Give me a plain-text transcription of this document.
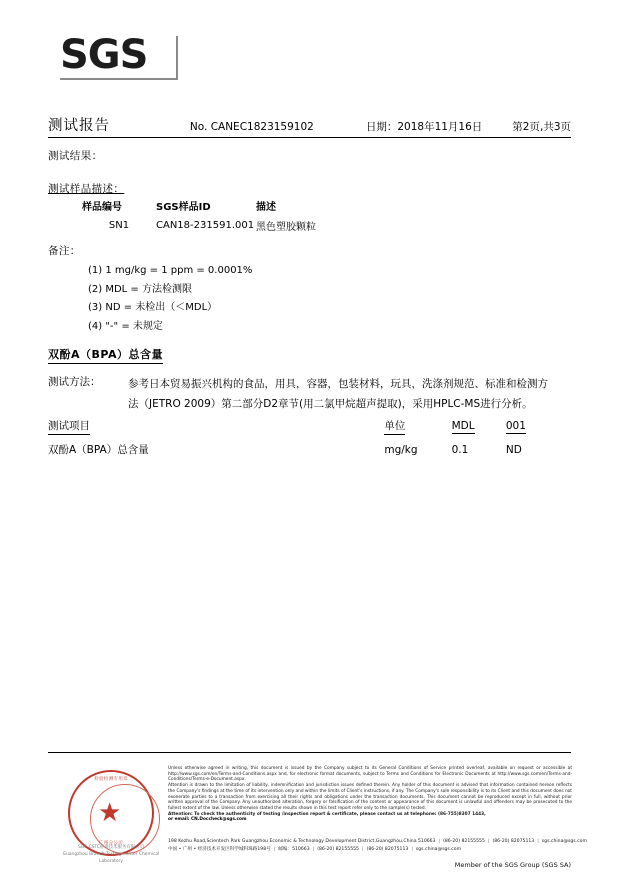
SGS
测试报告	No. CANEC1823159102	日期：2018年11月16日	第2页,共3页
测试结果：
测试样品描述：
样品编号	SGS样品ID	描述
SN1	CAN18-231591.001	黑色塑胶颗粒
备注：
(1) 1 mg/kg = 1 ppm = 0.0001%
(2) MDL = 方法检测限
(3) ND = 未检出（＜MDL）
(4) "-" = 未规定
双酚A（BPA）总含量
测试方法：	参考日本贸易振兴机构的食品，用具，容器，包装材料，玩具，洗涤剂规范、标准和检测方
法（JETRO 2009）第二部分D2章节(用二氯甲烷超声提取)，采用HPLC-MS进行分析。
测试项目	单位	MDL	001
双酚A（BPA）总含量	mg/kg	0.1	ND
检验检测专用章
★
广州分公司
SGS-CSTC标准技术服务有限公司
Guangzhou Branch Testing Center Chemical Laboratory
Unless otherwise agreed in writing, this document is issued by the Company subject to its General Conditions of Service printed overleaf, available on request or accessible at http://www.sgs.com/en/Terms-and-Conditions.aspx and, for electronic format documents, subject to Terms and Conditions for Electronic Documents at http://www.sgs.com/en/Terms-and-Conditions/Terms-e-Document.aspx.
Attention is drawn to the limitation of liability, indemnification and jurisdiction issues defined therein. Any holder of this document is advised that information contained hereon reflects the Company's findings at the time of its intervention only and within the limits of Client's instructions, if any. The Company's sole responsibility is to its Client and this document does not exonerate parties to a transaction from exercising all their rights and obligations under the transaction documents. This document cannot be reproduced except in full, without prior written approval of the Company. Any unauthorized alteration, forgery or falsification of the content or appearance of this document is unlawful and offenders may be prosecuted to the fullest extent of the law. Unless otherwise stated the results shown in this test report refer only to the sample(s) tested.
Attention: To check the authenticity of testing /inspection report & certificate, please contact us at telephone: (86-755)8307 1443,
or email: CN.Doccheck@sgs.com
198 Kezhu Road,Scientech Park Guangzhou Economic & Technology Development District,Guangzhou,China 510663 | (86-20) 82155555 | (86-20) 82075113 | sgs.china@sgs.com
中国 • 广州 • 经济技术开发区科学城科珠路198号 | 邮编：510663 | (86-20) 82155555 | (86-20) 82075113 | sgs.china@sgs.com
Member of the SGS Group (SGS SA)
